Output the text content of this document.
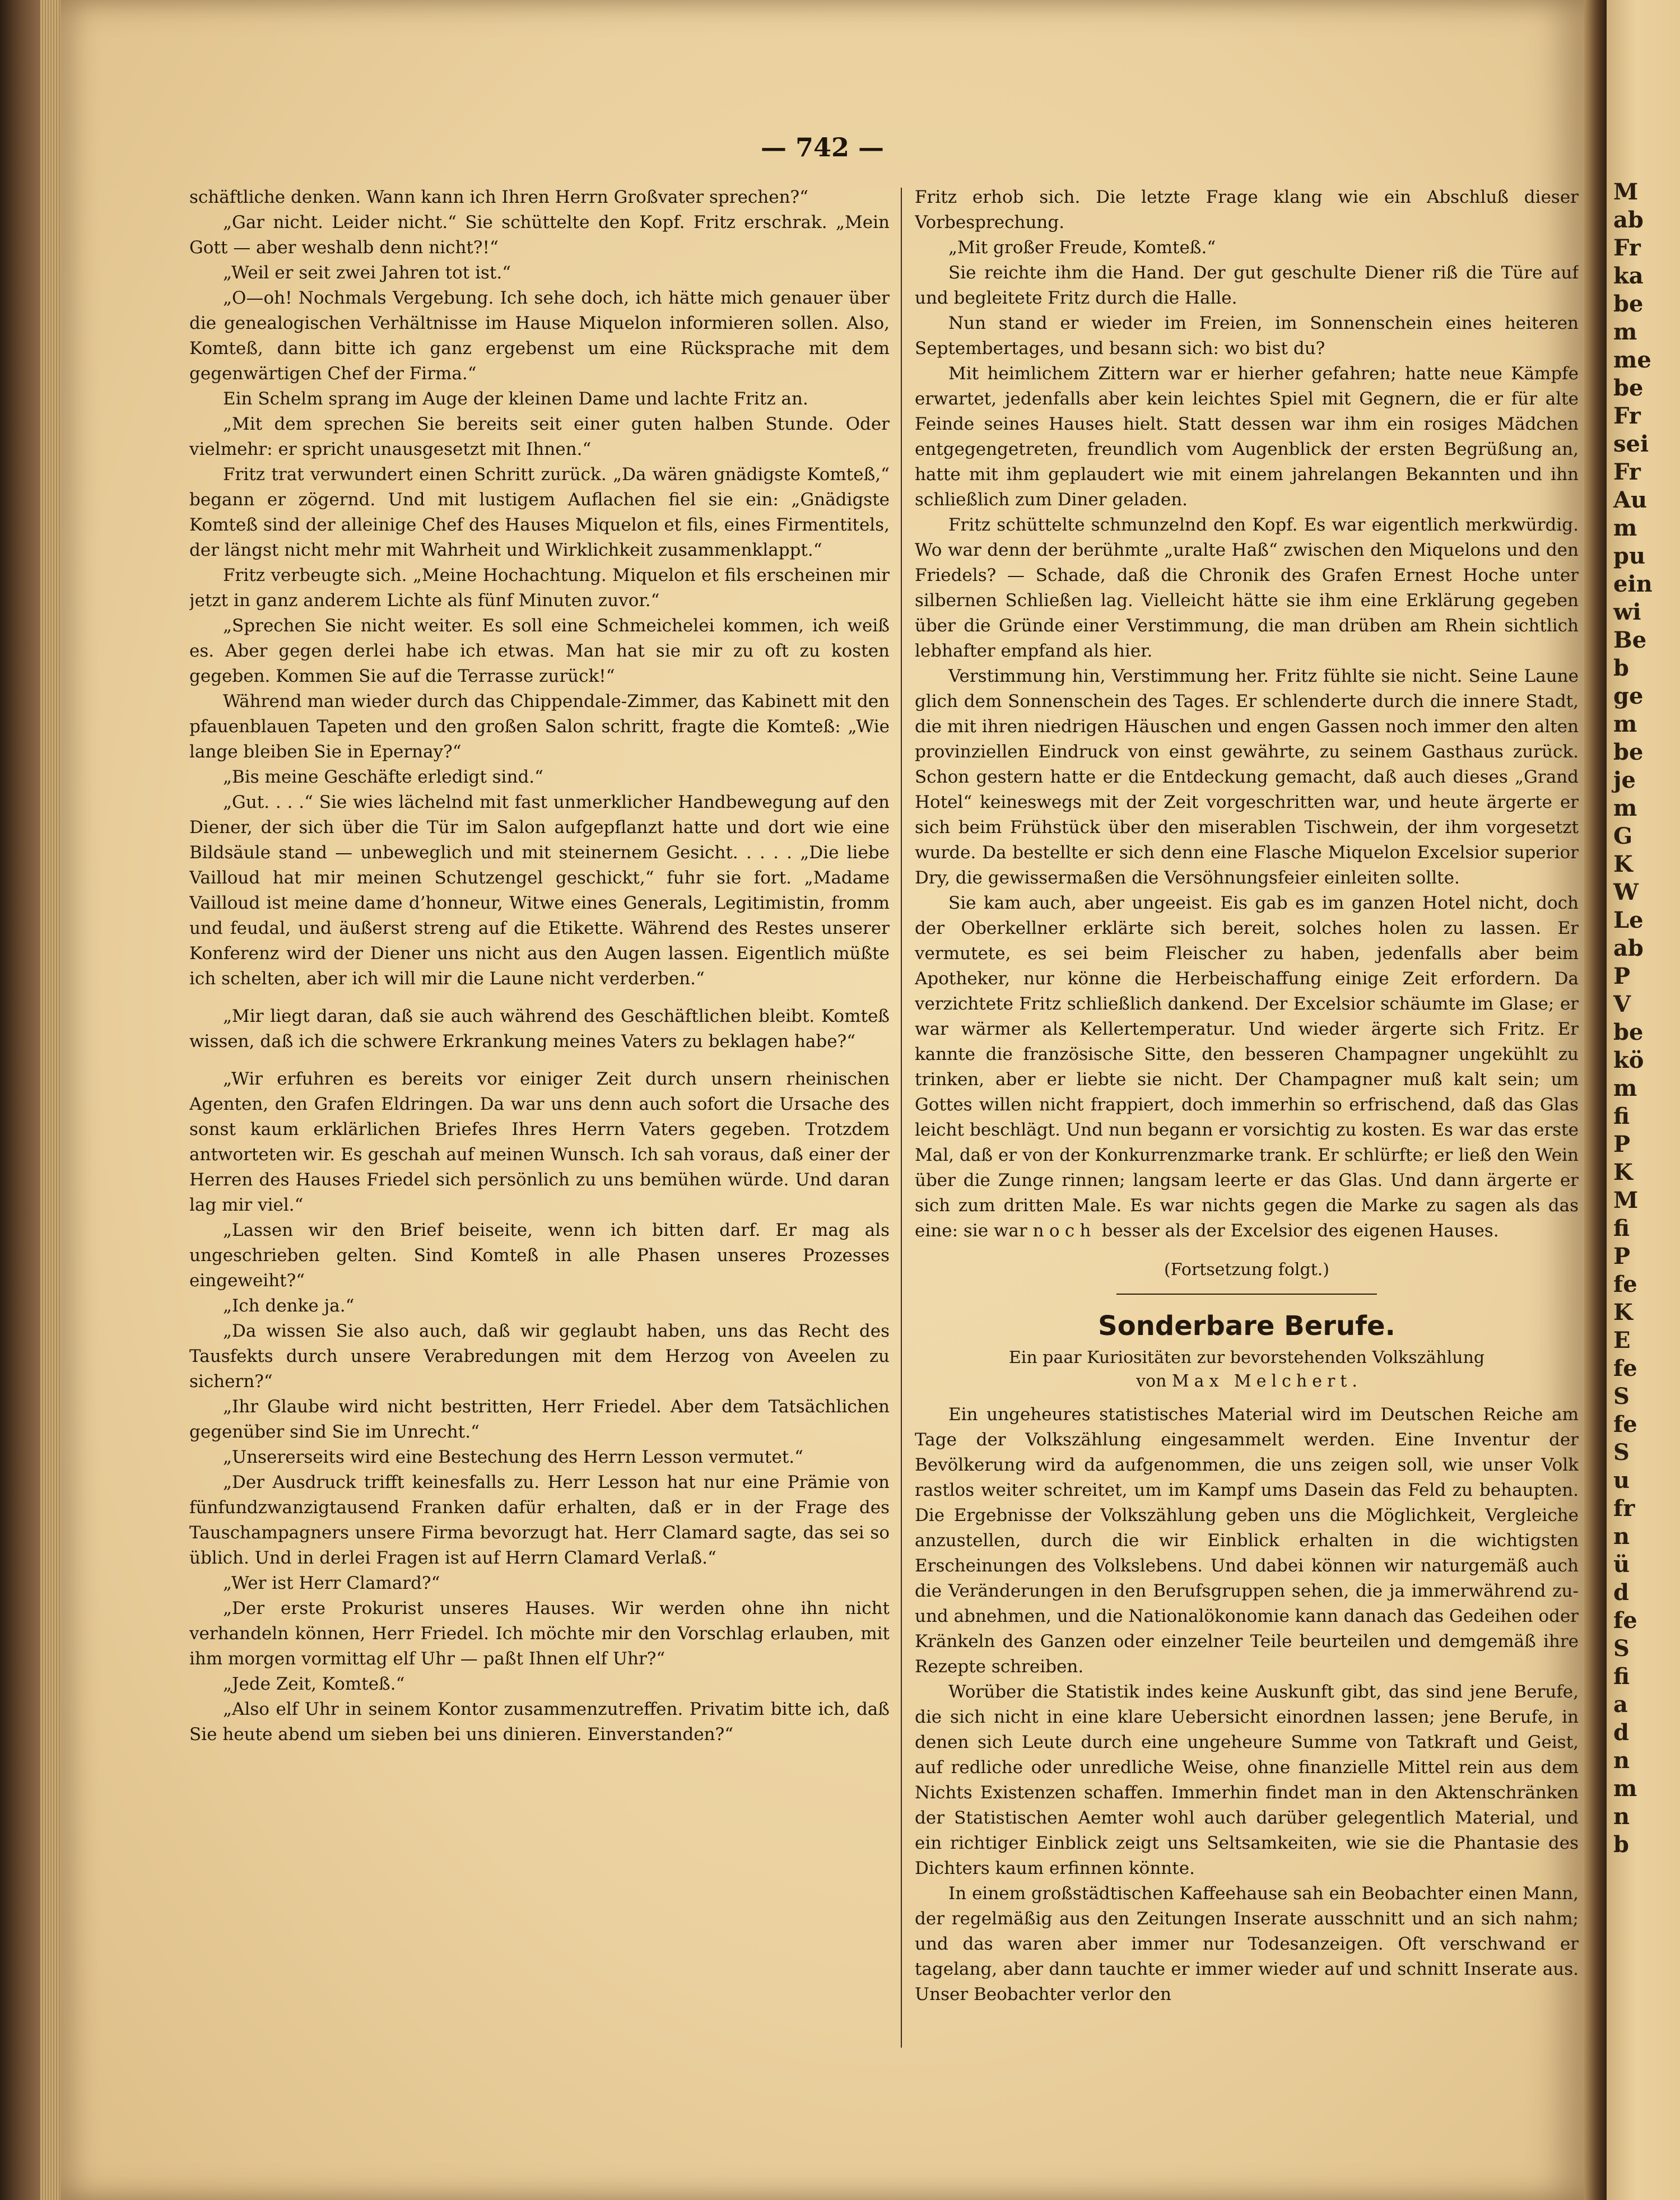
— 742 —

schäftliche denken. Wann kann ich Ihren Herrn Großvater sprechen?“

„Gar nicht. Leider nicht.“ Sie schüttelte den Kopf. Fritz erschrak. „Mein Gott — aber weshalb denn nicht?!“

„Weil er seit zwei Jahren tot ist.“

„O—oh! Nochmals Vergebung. Ich sehe doch, ich hätte mich genauer über die genealogischen Verhältnisse im Hause Miquelon informieren sollen. Also, Komteß, dann bitte ich ganz ergebenst um eine Rücksprache mit dem gegenwärtigen Chef der Firma.“

Ein Schelm sprang im Auge der kleinen Dame und lachte Fritz an.

„Mit dem sprechen Sie bereits seit einer guten halben Stunde. Oder vielmehr: er spricht unausgesetzt mit Ihnen.“

Fritz trat verwundert einen Schritt zurück. „Da wären gnädigste Komteß,“ begann er zögernd. Und mit lustigem Auflachen fiel sie ein: „Gnädigste Komteß sind der alleinige Chef des Hauses Miquelon et fils, eines Firmentitels, der längst nicht mehr mit Wahrheit und Wirklichkeit zusammenklappt.“

Fritz verbeugte sich. „Meine Hochachtung. Miquelon et fils erscheinen mir jetzt in ganz anderem Lichte als fünf Minuten zuvor.“

„Sprechen Sie nicht weiter. Es soll eine Schmeichelei kommen, ich weiß es. Aber gegen derlei habe ich etwas. Man hat sie mir zu oft zu kosten gegeben. Kommen Sie auf die Terrasse zurück!“

Während man wieder durch das Chippendale-Zimmer, das Kabinett mit den pfauenblauen Tapeten und den großen Salon schritt, fragte die Komteß: „Wie lange bleiben Sie in Epernay?“

„Bis meine Geschäfte erledigt sind.“

„Gut. . . .“ Sie wies lächelnd mit fast unmerklicher Handbewegung auf den Diener, der sich über die Tür im Salon aufgepflanzt hatte und dort wie eine Bildsäule stand — unbeweglich und mit steinernem Gesicht. . . . . „Die liebe Vailloud hat mir meinen Schutzengel geschickt,“ fuhr sie fort. „Madame Vailloud ist meine dame d’honneur, Witwe eines Generals, Legitimistin, fromm und feudal, und äußerst streng auf die Etikette. Während des Restes unserer Konferenz wird der Diener uns nicht aus den Augen lassen. Eigentlich müßte ich schelten, aber ich will mir die Laune nicht verderben.“

„Mir liegt daran, daß sie auch während des Geschäftlichen bleibt. Komteß wissen, daß ich die schwere Erkrankung meines Vaters zu beklagen habe?“

„Wir erfuhren es bereits vor einiger Zeit durch unsern rheinischen Agenten, den Grafen Eldringen. Da war uns denn auch sofort die Ursache des sonst kaum erklärlichen Briefes Ihres Herrn Vaters gegeben. Trotzdem antworteten wir. Es geschah auf meinen Wunsch. Ich sah voraus, daß einer der Herren des Hauses Friedel sich persönlich zu uns bemühen würde. Und daran lag mir viel.“

„Lassen wir den Brief beiseite, wenn ich bitten darf. Er mag als ungeschrieben gelten. Sind Komteß in alle Phasen unseres Prozesses eingeweiht?“

„Ich denke ja.“

„Da wissen Sie also auch, daß wir geglaubt haben, uns das Recht des Tausfekts durch unsere Verabredungen mit dem Herzog von Aveelen zu sichern?“

„Ihr Glaube wird nicht bestritten, Herr Friedel. Aber dem Tatsächlichen gegenüber sind Sie im Unrecht.“

„Unsererseits wird eine Bestechung des Herrn Lesson vermutet.“

„Der Ausdruck trifft keinesfalls zu. Herr Lesson hat nur eine Prämie von fünfundzwanzigtausend Franken dafür erhalten, daß er in der Frage des Tauschampagners unsere Firma bevorzugt hat. Herr Clamard sagte, das sei so üblich. Und in derlei Fragen ist auf Herrn Clamard Verlaß.“

„Wer ist Herr Clamard?“

„Der erste Prokurist unseres Hauses. Wir werden ohne ihn nicht verhandeln können, Herr Friedel. Ich möchte mir den Vorschlag erlauben, mit ihm morgen vormittag elf Uhr — paßt Ihnen elf Uhr?“

„Jede Zeit, Komteß.“

„Also elf Uhr in seinem Kontor zusammenzutreffen. Privatim bitte ich, daß Sie heute abend um sieben bei uns dinieren. Einverstanden?“

Fritz erhob sich. Die letzte Frage klang wie ein Abschluß dieser Vorbesprechung.

„Mit großer Freude, Komteß.“

Sie reichte ihm die Hand. Der gut geschulte Diener riß die Türe auf und begleitete Fritz durch die Halle.

Nun stand er wieder im Freien, im Sonnenschein eines heiteren Septembertages, und besann sich: wo bist du?

Mit heimlichem Zittern war er hierher gefahren; hatte neue Kämpfe erwartet, jedenfalls aber kein leichtes Spiel mit Gegnern, die er für alte Feinde seines Hauses hielt. Statt dessen war ihm ein rosiges Mädchen entgegengetreten, freundlich vom Augenblick der ersten Begrüßung an, hatte mit ihm geplaudert wie mit einem jahrelangen Bekannten und ihn schließlich zum Diner geladen.

Fritz schüttelte schmunzelnd den Kopf. Es war eigentlich merkwürdig. Wo war denn der berühmte „uralte Haß“ zwischen den Miquelons und den Friedels? — Schade, daß die Chronik des Grafen Ernest Hoche unter silbernen Schließen lag. Vielleicht hätte sie ihm eine Erklärung gegeben über die Gründe einer Verstimmung, die man drüben am Rhein sichtlich lebhafter empfand als hier.

Verstimmung hin, Verstimmung her. Fritz fühlte sie nicht. Seine Laune glich dem Sonnenschein des Tages. Er schlenderte durch die innere Stadt, die mit ihren niedrigen Häuschen und engen Gassen noch immer den alten provinziellen Eindruck von einst gewährte, zu seinem Gasthaus zurück. Schon gestern hatte er die Entdeckung gemacht, daß auch dieses „Grand Hotel“ keineswegs mit der Zeit vorgeschritten war, und heute ärgerte er sich beim Frühstück über den miserablen Tischwein, der ihm vorgesetzt wurde. Da bestellte er sich denn eine Flasche Miquelon Excelsior superior Dry, die gewissermaßen die Versöhnungsfeier einleiten sollte.

Sie kam auch, aber ungeeist. Eis gab es im ganzen Hotel nicht, doch der Oberkellner erklärte sich bereit, solches holen zu lassen. Er vermutete, es sei beim Fleischer zu haben, jedenfalls aber beim Apotheker, nur könne die Herbeischaffung einige Zeit erfordern. Da verzichtete Fritz schließlich dankend. Der Excelsior schäumte im Glase; er war wärmer als Kellertemperatur. Und wieder ärgerte sich Fritz. Er kannte die französische Sitte, den besseren Champagner ungekühlt zu trinken, aber er liebte sie nicht. Der Champagner muß kalt sein; um Gottes willen nicht frappiert, doch immerhin so erfrischend, daß das Glas leicht beschlägt. Und nun begann er vorsichtig zu kosten. Es war das erste Mal, daß er von der Konkurrenzmarke trank. Er schlürfte; er ließ den Wein über die Zunge rinnen; langsam leerte er das Glas. Und dann ärgerte er sich zum dritten Male. Es war nichts gegen die Marke zu sagen als das eine: sie war noch besser als der Excelsior des eigenen Hauses.

(Fortsetzung folgt.)
Sonderbare Berufe.

Ein paar Kuriositäten zur bevorstehenden Volkszählung

von Max Melchert.

Ein ungeheures statistisches Material wird im Deutschen Reiche am Tage der Volkszählung eingesammelt werden. Eine Inventur der Bevölkerung wird da aufgenommen, die uns zeigen soll, wie unser Volk rastlos weiter schreitet, um im Kampf ums Dasein das Feld zu behaupten. Die Ergebnisse der Volkszählung geben uns die Möglichkeit, Vergleiche anzustellen, durch die wir Einblick erhalten in die wichtigsten Erscheinungen des Volkslebens. Und dabei können wir naturgemäß auch die Veränderungen in den Berufsgruppen sehen, die ja immerwährend zu- und abnehmen, und die Nationalökonomie kann danach das Gedeihen oder Kränkeln des Ganzen oder einzelner Teile beurteilen und demgemäß ihre Rezepte schreiben.

Worüber die Statistik indes keine Auskunft gibt, das sind jene Berufe, die sich nicht in eine klare Uebersicht einordnen lassen; jene Berufe, in denen sich Leute durch eine ungeheure Summe von Tatkraft und Geist, auf redliche oder unredliche Weise, ohne finanzielle Mittel rein aus dem Nichts Existenzen schaffen. Immerhin findet man in den Aktenschränken der Statistischen Aemter wohl auch darüber gelegentlich Material, und ein richtiger Einblick zeigt uns Seltsamkeiten, wie sie die Phantasie des Dichters kaum erfinnen könnte.

In einem großstädtischen Kaffeehause sah ein Beobachter einen Mann, der regelmäßig aus den Zeitungen Inserate ausschnitt und an sich nahm; und das waren aber immer nur Todesanzeigen. Oft verschwand er tagelang, aber dann tauchte er immer wieder auf und schnitt Inserate aus. Unser Beobachter verlor den

M
ab
Fr
ka
be
m
me
be
Fr
sei
Fr
Au
m
pu
ein
wi
Be
b
ge
m
be
je
m
G
K
W
Le
ab
P
V
be
kö
m
fi
P
K
M
fi
P
fe
K
E
fe
S
fe
S
u
fr
n
ü
d
fe
S
fi
a
d
n
m
n
b
